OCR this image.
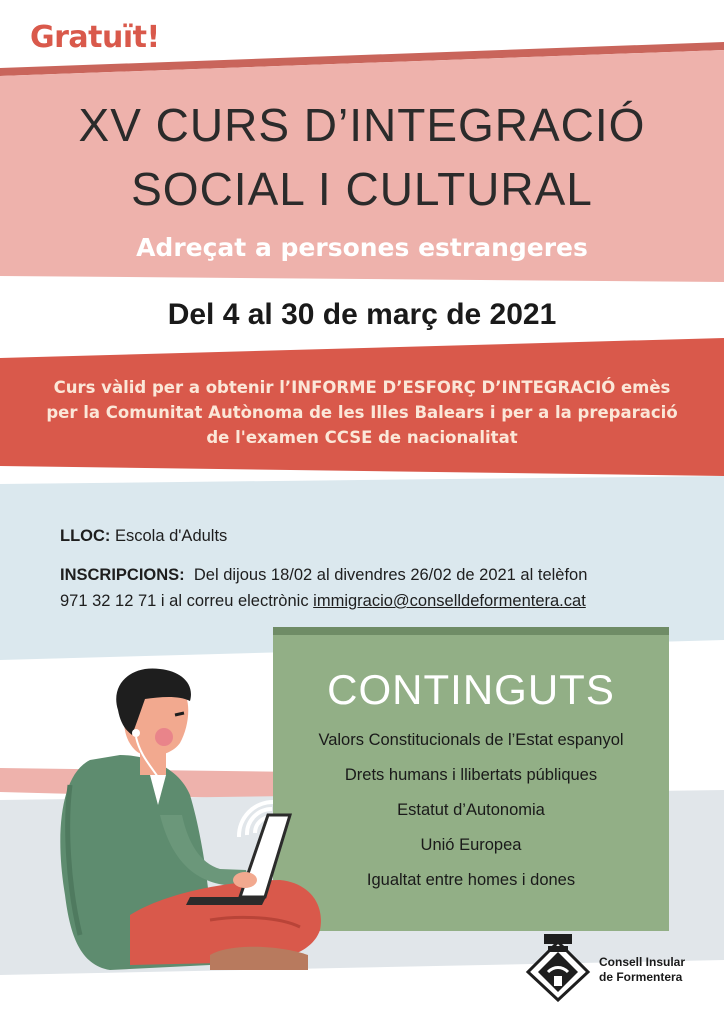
Gratuït!
XV CURS D’INTEGRACIÓ
SOCIAL I CULTURAL
Adreçat a persones estrangeres
Del 4 al 30 de març de 2021
Curs vàlid per a obtenir l’INFORME D’ESFORÇ D’INTEGRACIÓ emès
per la Comunitat Autònoma de les Illes Balears i per a la preparació
de l'examen CCSE de nacionalitat
LLOC: Escola d'Adults
INSCRIPCIONS: Del dijous 18/02 al divendres 26/02 de 2021 al telèfon
971 32 12 71 i al correu electrònic immigracio@conselldeformentera.cat
CONTINGUTS
Valors Constitucionals de l’Estat espanyol
Drets humans i llibertats públiques
Estatut d’Autonomia
Unió Europea
Igualtat entre homes i dones
Consell Insular
de Formentera
